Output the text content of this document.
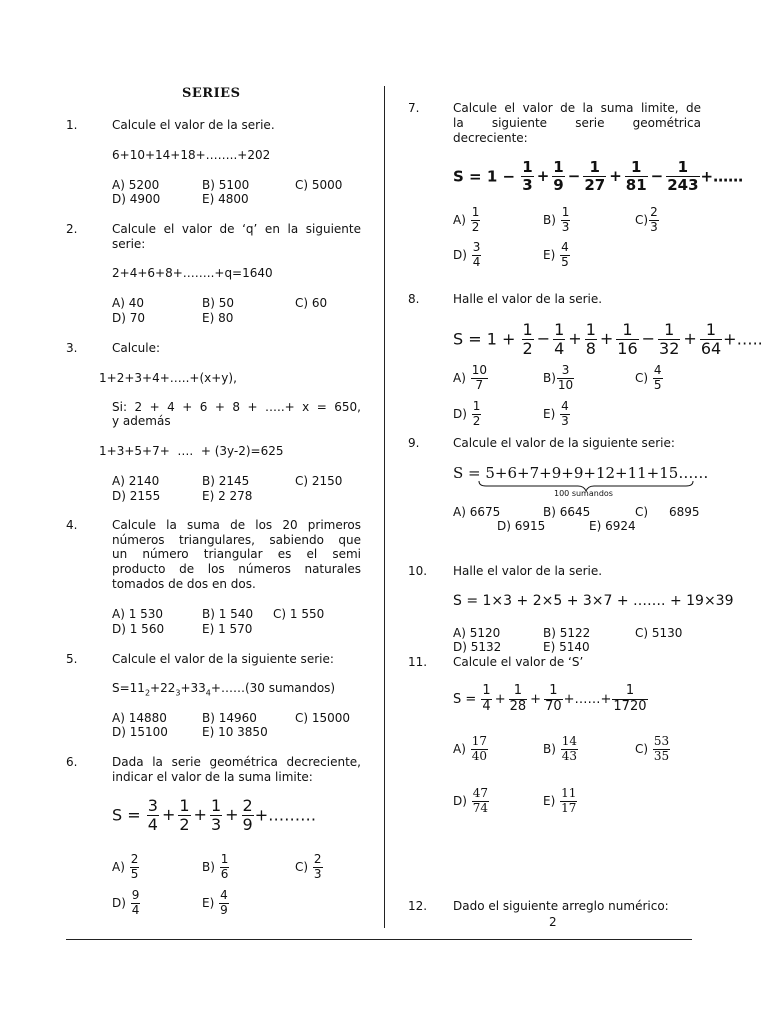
2
SERIES
1.	Calcule el valor de la serie.
6+10+14+18+……..+202
A) 5200	B) 5100	C) 5000
D) 4900	E) 4800
2.	Calcule el valor de ‘q’ en la siguiente
serie:
2+4+6+8+……..+q=1640
A) 40	B) 50	C) 60
D) 70	E) 80
3.	Calcule:
1+2+3+4+…..+(x+y),
Si: 2 + 4 + 6 + 8 + …..+ x = 650,
y además
1+3+5+7+  ….  + (3y-2)=625
A) 2140	B) 2145	C) 2150
D) 2155	E) 2 278
4.	Calcule la suma de los 20 primeros
números triangulares, sabiendo que
un número triangular es el semi
producto de los números naturales
tomados de dos en dos.
A) 1 530	B) 1 540 C) 1 550
D) 1 560	E) 1 570
5.	Calcule el valor de la siguiente serie:
$S=11_2+22_3+33_4+\dots\dots(30$ sumandos)
A) 14880	B) 14960	C) 15000
D) 15100	E) 10 3850
6.	Dada la serie geométrica decreciente,
indicar el valor de la suma limite:
$S = \frac{3}{4} + \frac{1}{2} + \frac{1}{3} + \frac{2}{9}$ +………
$A) \frac{2}{5}$	$B) \frac{1}{6}$	$C) \frac{2}{3}$
$D) \frac{9}{4}$	$E) \frac{4}{9}$
7.	Calcule el valor de la suma limite, de
la siguiente serie geométrica
decreciente:
$S = 1 - \frac{1}{3} + \frac{1}{9} - \frac{1}{27} + \frac{1}{81} - \frac{1}{243}$ +……
$A) \frac{1}{2}$	$B) \frac{1}{3}$	$C) \frac{2}{3}$
$D) \frac{3}{4}$	$E) \frac{4}{5}$
8.	Halle el valor de la serie.
$S = 1 + \frac{1}{2} - \frac{1}{4} + \frac{1}{8} + \frac{1}{16} - \frac{1}{32} + \frac{1}{64}$ +…..
$A) \frac{10}{7}$	$B) \frac{3}{10}$	$C) \frac{4}{5}$
$D) \frac{1}{2}$	$E) \frac{4}{3}$
9.	Calcule el valor de la siguiente serie:
S = 5+6+7+9+9+12+11+15……
100 sumandos
A) 6675	B) 6645	C) 6895
D) 6915	E) 6924
10. Halle el valor de la serie.
S = 1×3 + 2×5 + 3×7 + ……. + 19×39
A) 5120	B) 5122	C) 5130
D) 5132	E) 5140
11. Calcule el valor de ‘S’
$S = \frac{1}{4} + \frac{1}{28} + \frac{1}{70}$ +……+ $\frac{1}{1720}$
$A) \frac{17}{40}$	$B) \frac{14}{43}$	$C) \frac{53}{35}$
$D) \frac{47}{74}$	$E) \frac{11}{17}$
12. Dado el siguiente arreglo numérico:
